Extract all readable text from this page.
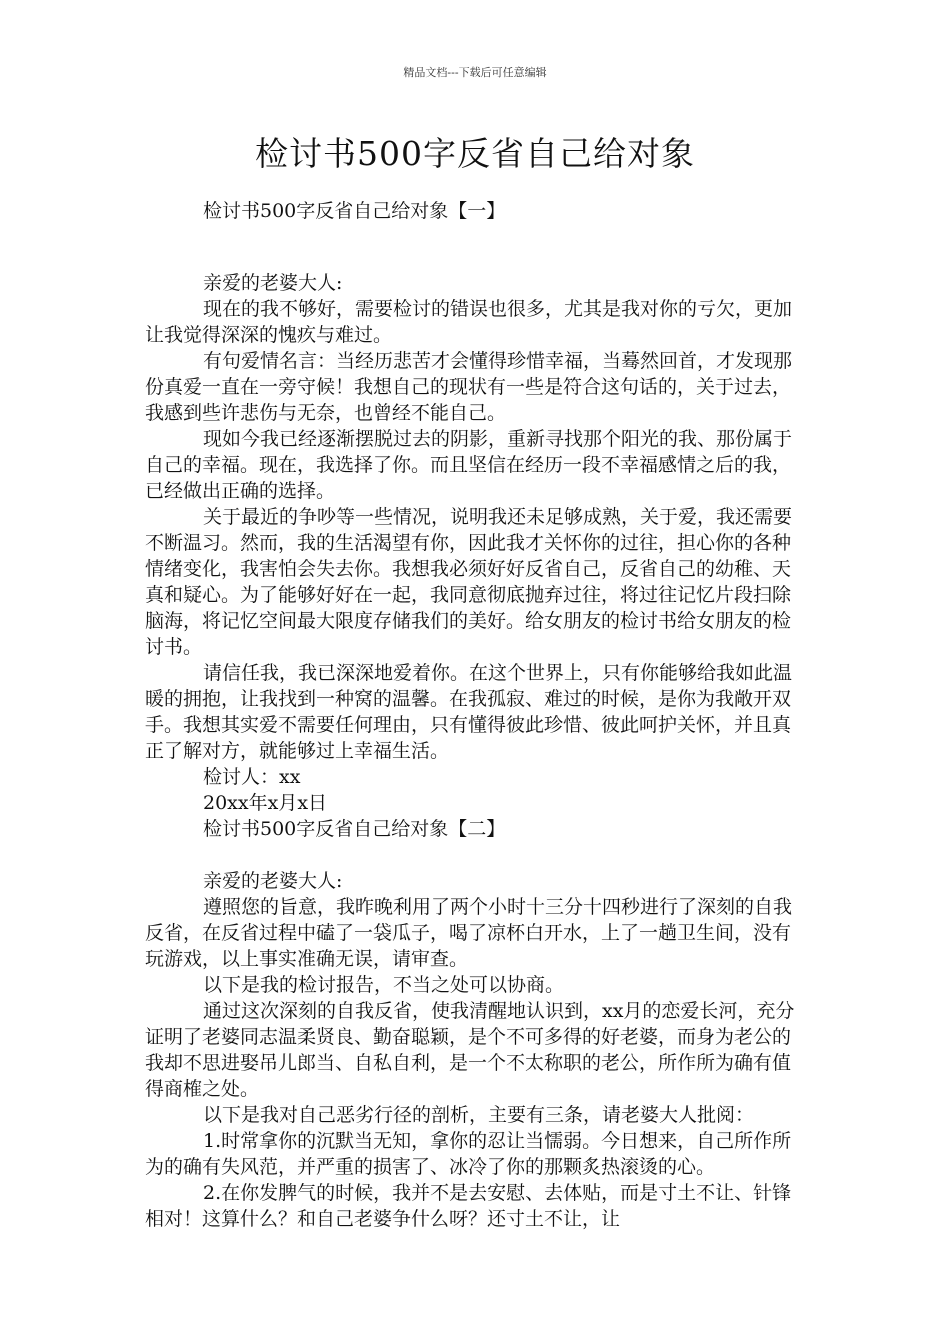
精品文档---下载后可任意编辑
检讨书500字反省自己给对象

检讨书500字反省自己给对象【一】

亲爱的老婆大人:

现在的我不够好，需要检讨的错误也很多，尤其是我对你的亏欠，更加让我觉得深深的愧疚与难过。

有句爱情名言：当经历悲苦才会懂得珍惜幸福，当蓦然回首，才发现那份真爱一直在一旁守候！我想自己的现状有一些是符合这句话的，关于过去，我感到些许悲伤与无奈，也曾经不能自己。

现如今我已经逐渐摆脱过去的阴影，重新寻找那个阳光的我、那份属于自己的幸福。现在，我选择了你。而且坚信在经历一段不幸福感情之后的我，已经做出正确的选择。

关于最近的争吵等一些情况，说明我还未足够成熟，关于爱，我还需要不断温习。然而，我的生活渴望有你，因此我才关怀你的过往，担心你的各种情绪变化，我害怕会失去你。我想我必须好好反省自己，反省自己的幼稚、天真和疑心。为了能够好好在一起，我同意彻底抛弃过往，将过往记忆片段扫除脑海，将记忆空间最大限度存储我们的美好。给女朋友的检讨书给女朋友的检讨书。

请信任我，我已深深地爱着你。在这个世界上，只有你能够给我如此温暖的拥抱，让我找到一种窝的温馨。在我孤寂、难过的时候，是你为我敞开双手。我想其实爱不需要任何理由，只有懂得彼此珍惜、彼此呵护关怀，并且真正了解对方，就能够过上幸福生活。

检讨人：xx

20xx年x月x日

检讨书500字反省自己给对象【二】

亲爱的老婆大人:

遵照您的旨意，我昨晚利用了两个小时十三分十四秒进行了深刻的自我反省，在反省过程中磕了一袋瓜子，喝了凉杯白开水，上了一趟卫生间，没有玩游戏，以上事实准确无误，请审查。

以下是我的检讨报告，不当之处可以协商。

通过这次深刻的自我反省，使我清醒地认识到，xx月的恋爱长河，充分证明了老婆同志温柔贤良、勤奋聪颖，是个不可多得的好老婆，而身为老公的我却不思进娶吊儿郎当、自私自利，是一个不太称职的老公，所作所为确有值得商榷之处。

以下是我对自己恶劣行径的剖析，主要有三条，请老婆大人批阅：

1.时常拿你的沉默当无知，拿你的忍让当懦弱。今日想来，自己所作所为的确有失风范，并严重的损害了、冰冷了你的那颗炙热滚烫的心。

2.在你发脾气的时候，我并不是去安慰、去体贴，而是寸土不让、针锋相对！这算什么？和自己老婆争什么呀？还寸土不让，让
